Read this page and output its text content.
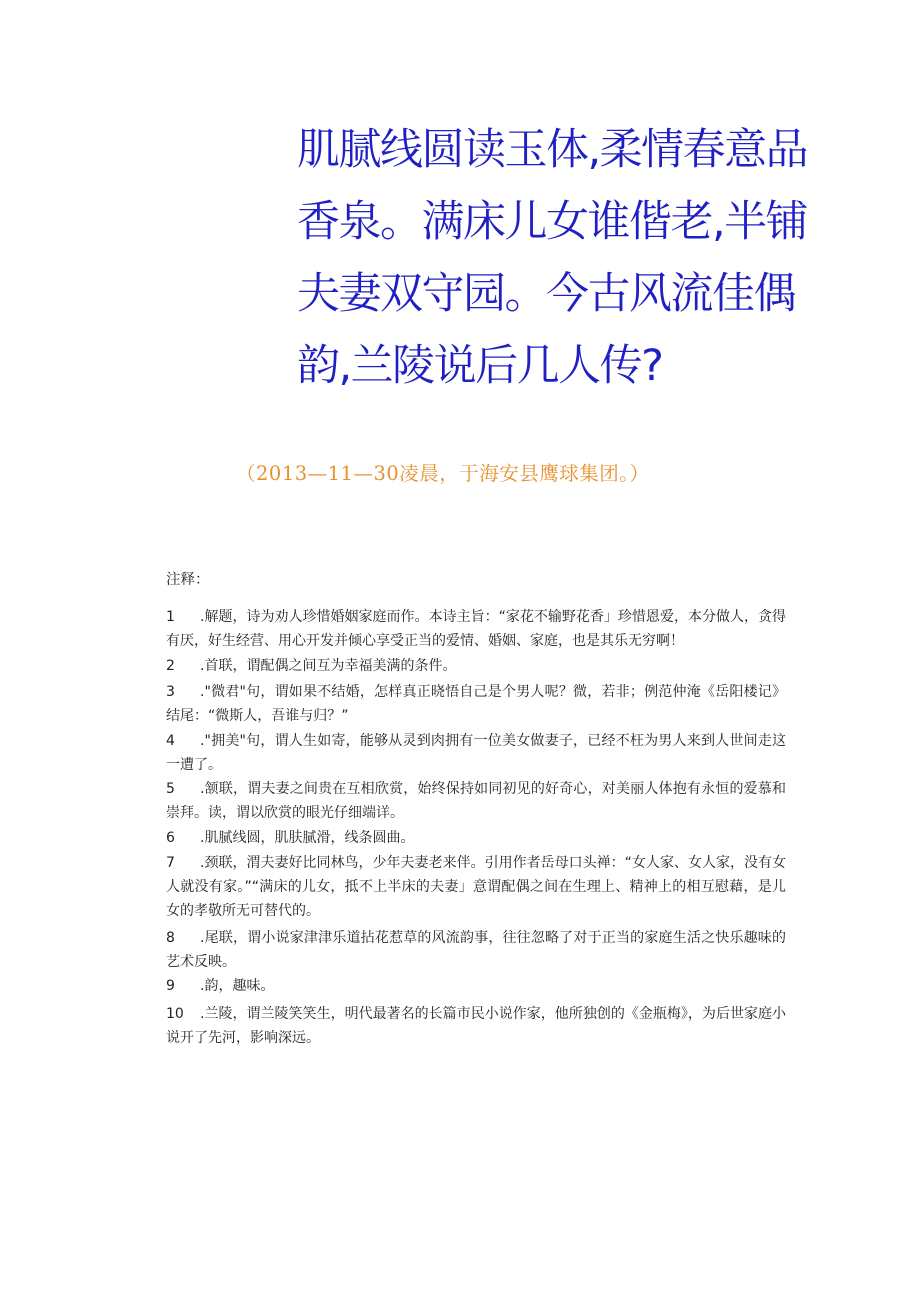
肌腻线圆读玉体,柔情春意品
香泉。满床儿女谁偕老,半铺
夫妻双守园。今古风流佳偶
韵,兰陵说后几人传?
（2013—11—30凌晨，于海安县鹰球集团。）
注释：
1 .解题，诗为劝人珍惜婚姻家庭而作。本诗主旨：“家花不输野花香」珍惜恩爱，本分做人，贪得有厌，好生经营、用心开发并倾心享受正当的爱情、婚姻、家庭，也是其乐无穷啊！
2 .首联，谓配偶之间互为幸福美满的条件。
3 ."微君"句，谓如果不结婚，怎样真正晓悟自己是个男人呢？微，若非；例范仲淹《岳阳楼记》结尾：“微斯人，吾谁与归？”
4 ."拥美"句，谓人生如寄，能够从灵到肉拥有一位美女做妻子，已经不枉为男人来到人世间走这一遭了。
5 .颔联，谓夫妻之间贵在互相欣赏，始终保持如同初见的好奇心，对美丽人体抱有永恒的爱慕和崇拜。读，谓以欣赏的眼光仔细端详。
6 .肌腻线圆，肌肤腻滑，线条圆曲。
7 .颈联，渭夫妻好比同林鸟，少年夫妻老来伴。引用作者岳母口头禅：“女人家、女人家，没有女人就没有家。”“满床的儿女，抵不上半床的夫妻」意谓配偶之间在生理上、精神上的相互慰藉，是儿女的孝敬所无可替代的。
8 .尾联，谓小说家津津乐道拈花惹草的风流韵事，往往忽略了对于正当的家庭生活之快乐趣味的艺术反映。
9 .韵，趣味。
10 .兰陵，谓兰陵笑笑生，明代最著名的长篇市民小说作家，他所独创的《金瓶梅》，为后世家庭小说开了先河，影响深远。
